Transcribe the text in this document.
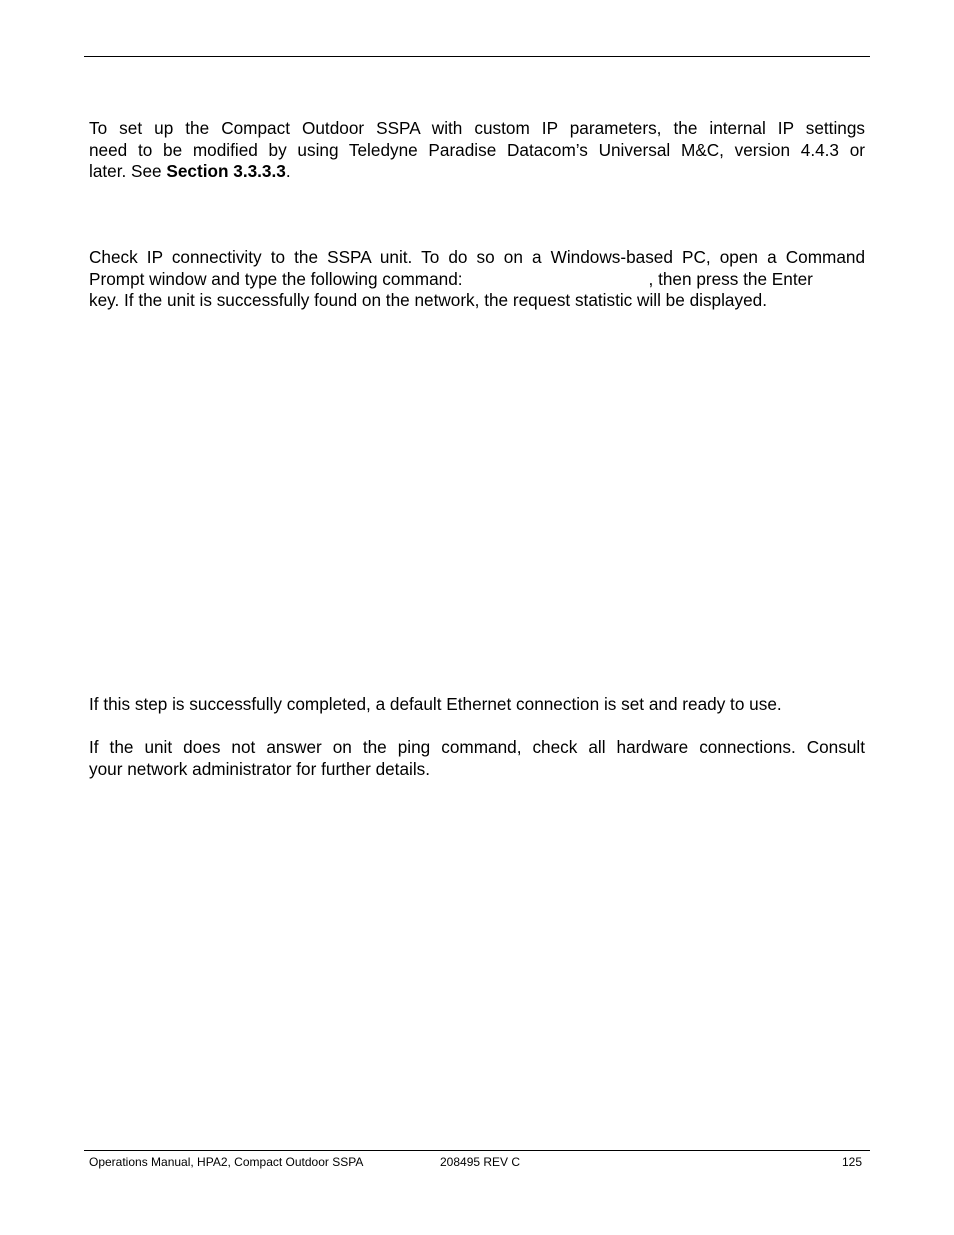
To set up the Compact Outdoor SSPA with custom IP parameters, the internal IP settings
need to be modified by using Teledyne Paradise Datacom’s Universal M&C, version 4.4.3 or
later. See Section 3.3.3.3.
Check IP connectivity to the SSPA unit. To do so on a Windows-based PC, open a Command
Prompt window and type the following command:	, then press the Enter
key. If the unit is successfully found on the network, the request statistic will be displayed.
If this step is successfully completed, a default Ethernet connection is set and ready to use.
If the unit does not answer on the ping command, check all hardware connections. Consult
your network administrator for further details.
Operations Manual, HPA2, Compact Outdoor SSPA	208495 REV C	125
